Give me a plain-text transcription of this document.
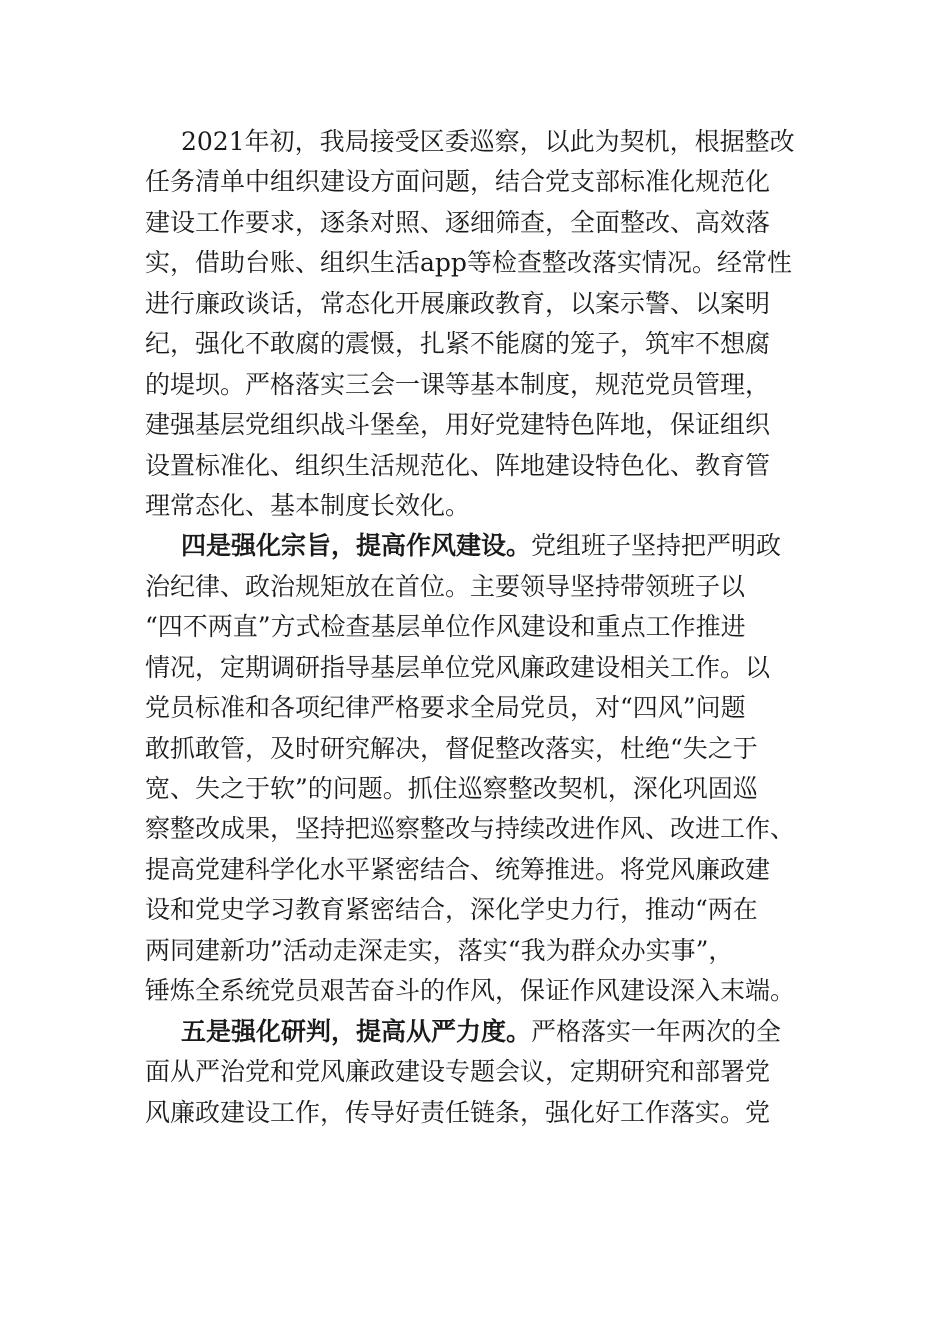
2021年初，我局接受区委巡察，以此为契机，根据整改
任务清单中组织建设方面问题，结合党支部标准化规范化
建设工作要求，逐条对照、逐细筛查，全面整改、高效落
实，借助台账、组织生活app等检查整改落实情况。经常性
进行廉政谈话，常态化开展廉政教育，以案示警、以案明
纪，强化不敢腐的震慑，扎紧不能腐的笼子，筑牢不想腐
的堤坝。严格落实三会一课等基本制度，规范党员管理，
建强基层党组织战斗堡垒，用好党建特色阵地，保证组织
设置标准化、组织生活规范化、阵地建设特色化、教育管
理常态化、基本制度长效化。
四是强化宗旨，提高作风建设。党组班子坚持把严明政
治纪律、政治规矩放在首位。主要领导坚持带领班子以
“四不两直”方式检查基层单位作风建设和重点工作推进
情况，定期调研指导基层单位党风廉政建设相关工作。以
党员标准和各项纪律严格要求全局党员，对“四风”问题
敢抓敢管，及时研究解决，督促整改落实，杜绝“失之于
宽、失之于软”的问题。抓住巡察整改契机，深化巩固巡
察整改成果，坚持把巡察整改与持续改进作风、改进工作、
提高党建科学化水平紧密结合、统筹推进。将党风廉政建
设和党史学习教育紧密结合，深化学史力行，推动“两在
两同建新功”活动走深走实，落实“我为群众办实事”，
锤炼全系统党员艰苦奋斗的作风，保证作风建设深入末端。
五是强化研判，提高从严力度。严格落实一年两次的全
面从严治党和党风廉政建设专题会议，定期研究和部署党
风廉政建设工作，传导好责任链条，强化好工作落实。党
